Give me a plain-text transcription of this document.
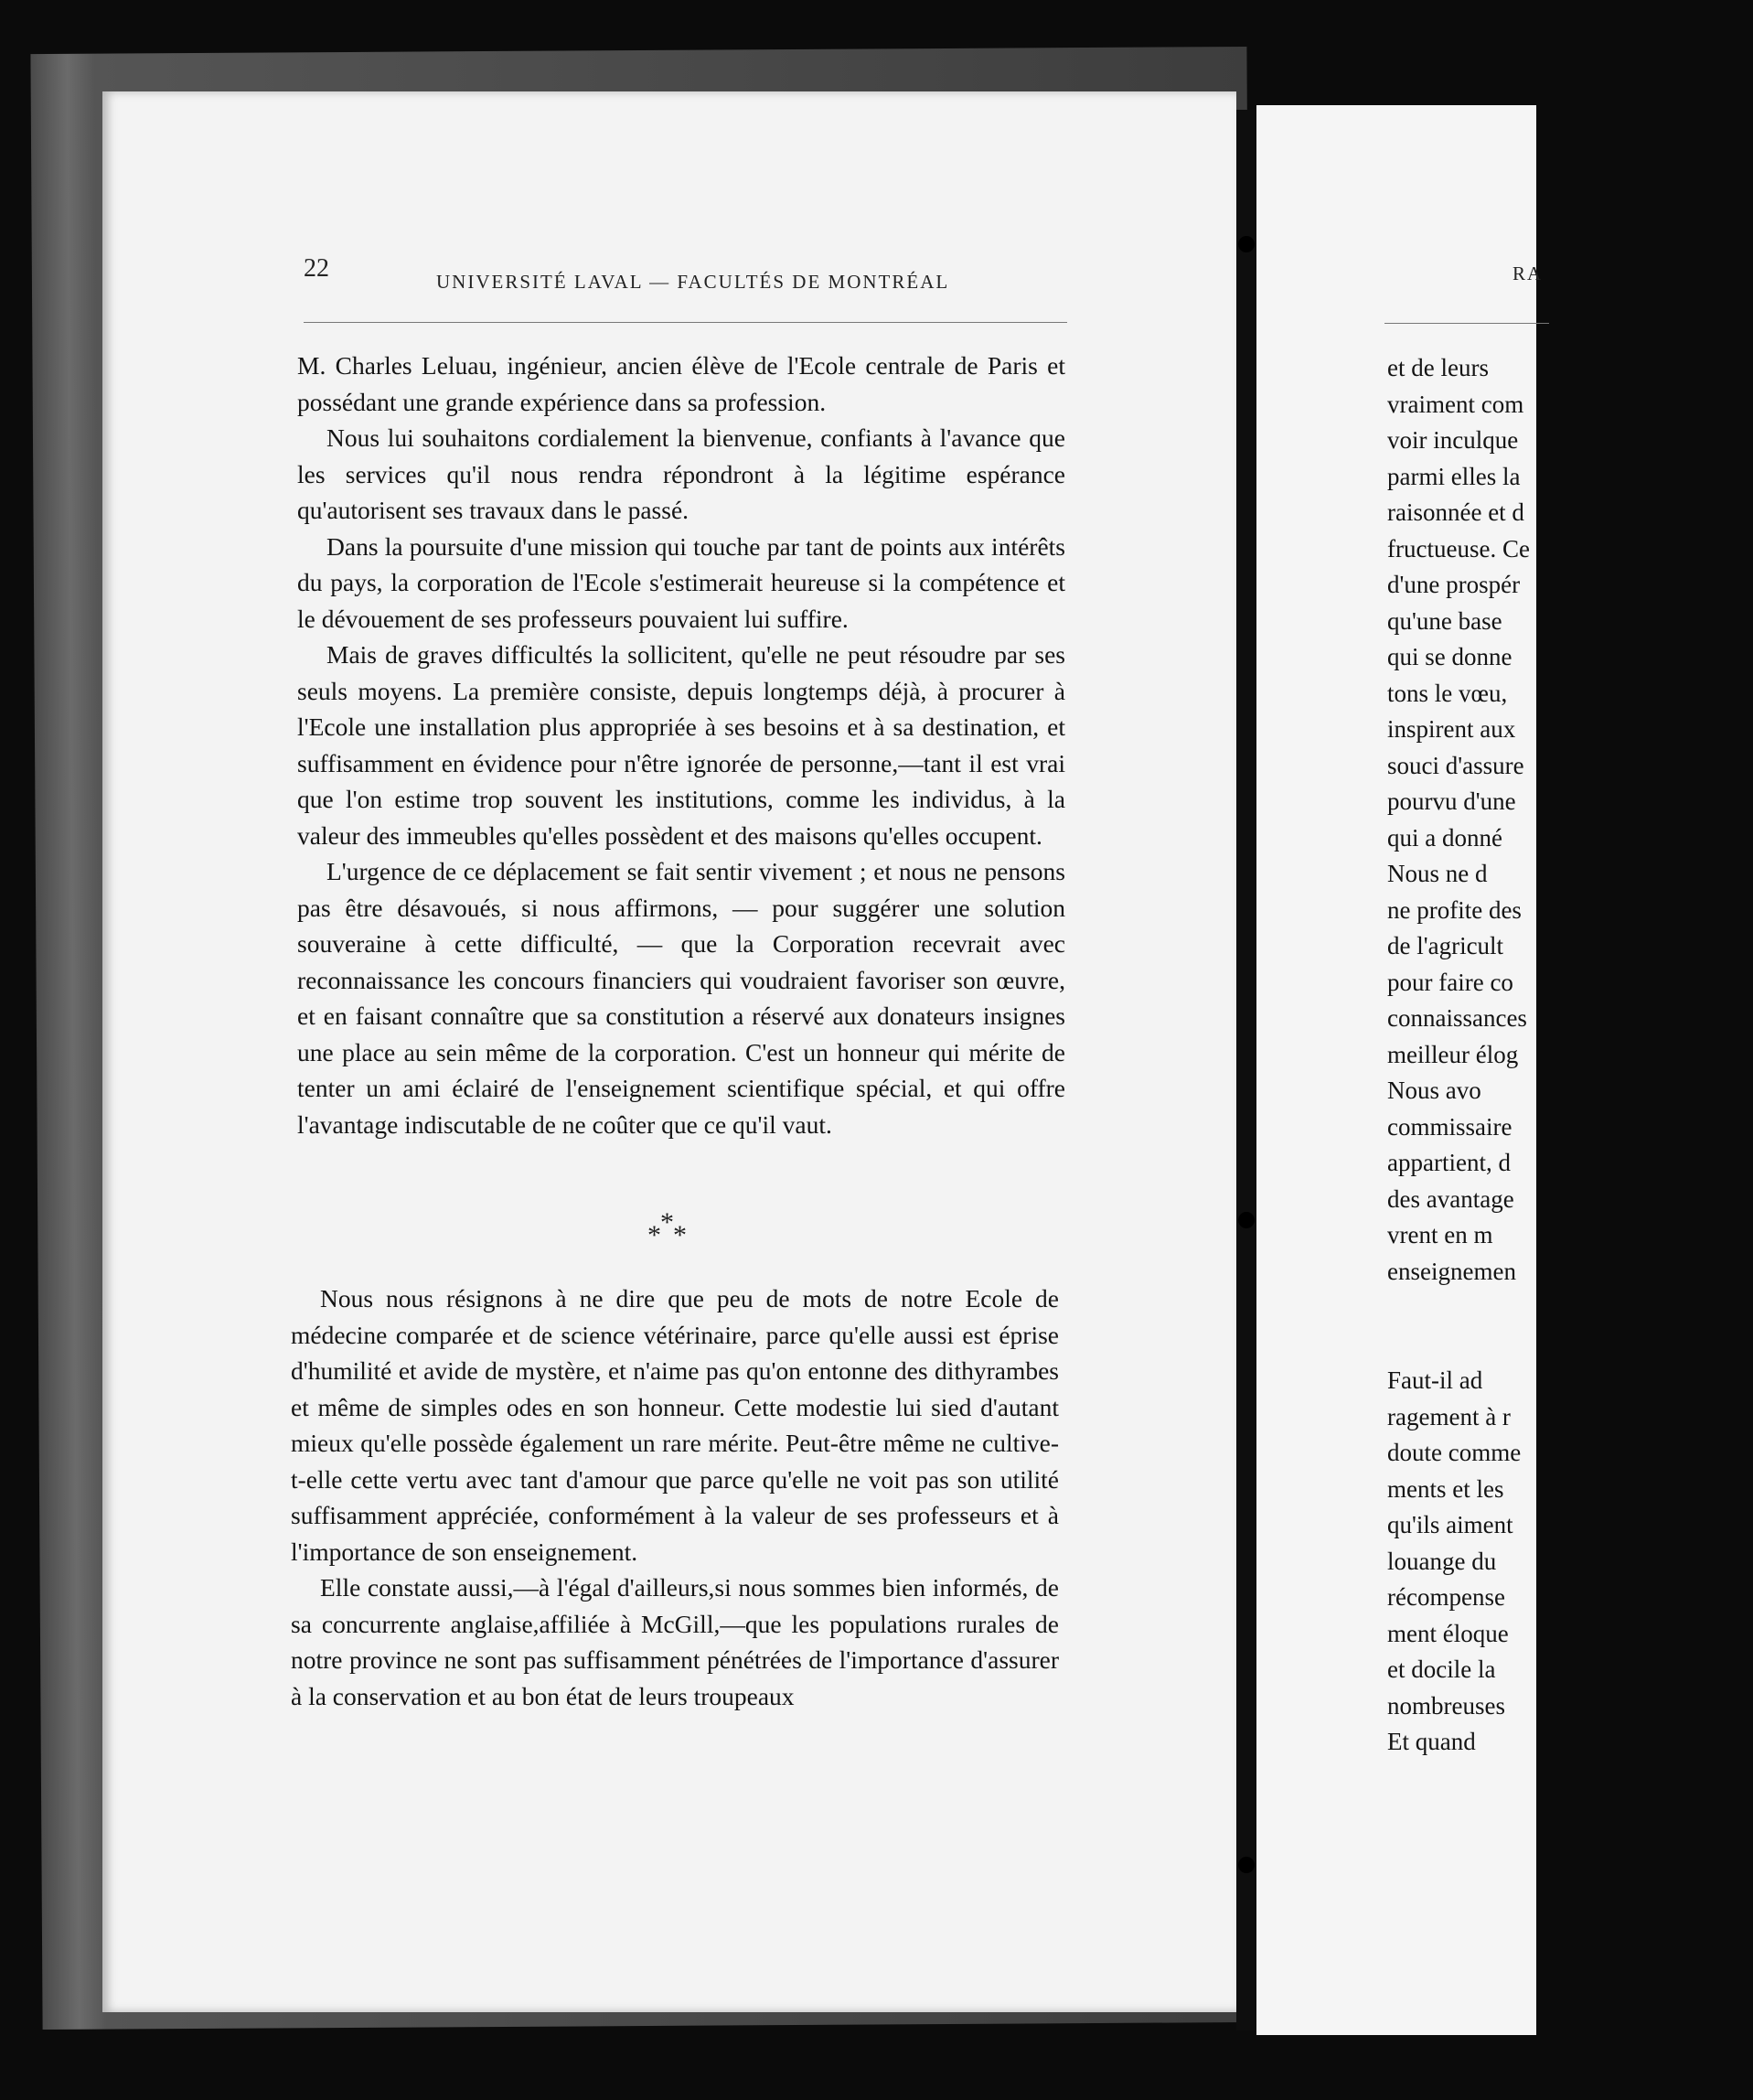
RA
et de leurs
vraiment com
voir inculque
parmi elles la
raisonnée et d
fructueuse. Ce
d'une prospér
qu'une base
qui se donne
tons le vœu,
inspirent aux
souci d'assure
pourvu d'une
qui a donné
Nous ne d
ne profite des
de l'agricult
pour faire co
connaissances
meilleur élog
Nous avo
commissaire
appartient, d
des avantage
vrent en m
enseignemen
Faut-il ad
ragement à r
doute comme
ments et les
qu'ils aiment
louange du
récompense
ment éloque
et docile la
nombreuses
Et quand
22	UNIVERSITÉ LAVAL — FACULTÉS DE MONTRÉAL

M. Charles Leluau, ingénieur, ancien élève de l'Ecole centrale de Paris et possédant une grande expérience dans sa profession.

Nous lui souhaitons cordialement la bienvenue, confiants à l'avance que les services qu'il nous rendra répondront à la légitime espérance qu'autorisent ses travaux dans le passé.

Dans la poursuite d'une mission qui touche par tant de points aux intérêts du pays, la corporation de l'Ecole s'estimerait heureuse si la compétence et le dévouement de ses professeurs pouvaient lui suffire.

Mais de graves difficultés la sollicitent, qu'elle ne peut résoudre par ses seuls moyens. La première consiste, depuis longtemps déjà, à procurer à l'Ecole une installation plus appropriée à ses besoins et à sa destination, et suffisamment en évidence pour n'être ignorée de personne,—tant il est vrai que l'on estime trop souvent les institutions, comme les individus, à la valeur des immeubles qu'elles possèdent et des maisons qu'elles occupent.

L'urgence de ce déplacement se fait sentir vivement ; et nous ne pensons pas être désavoués, si nous affirmons, — pour suggérer une solution souveraine à cette difficulté, — que la Corporation recevrait avec reconnaissance les concours financiers qui voudraient favoriser son œuvre, et en faisant connaître que sa constitution a réservé aux donateurs insignes une place au sein même de la corporation. C'est un honneur qui mérite de tenter un ami éclairé de l'enseignement scientifique spécial, et qui offre l'avantage indiscutable de ne coûter que ce qu'il vaut.

*
* *

Nous nous résignons à ne dire que peu de mots de notre Ecole de médecine comparée et de science vétérinaire, parce qu'elle aussi est éprise d'humilité et avide de mystère, et n'aime pas qu'on entonne des dithyrambes et même de simples odes en son honneur. Cette modestie lui sied d'autant mieux qu'elle possède également un rare mérite. Peut-être même ne cultive-t-elle cette vertu avec tant d'amour que parce qu'elle ne voit pas son utilité suffisamment appréciée, conformément à la valeur de ses professeurs et à l'importance de son enseignement.

Elle constate aussi,—à l'égal d'ailleurs,si nous sommes bien informés, de sa concurrente anglaise,affiliée à McGill,—que les populations rurales de notre province ne sont pas suffisamment pénétrées de l'importance d'assurer à la conservation et au bon état de leurs troupeaux
